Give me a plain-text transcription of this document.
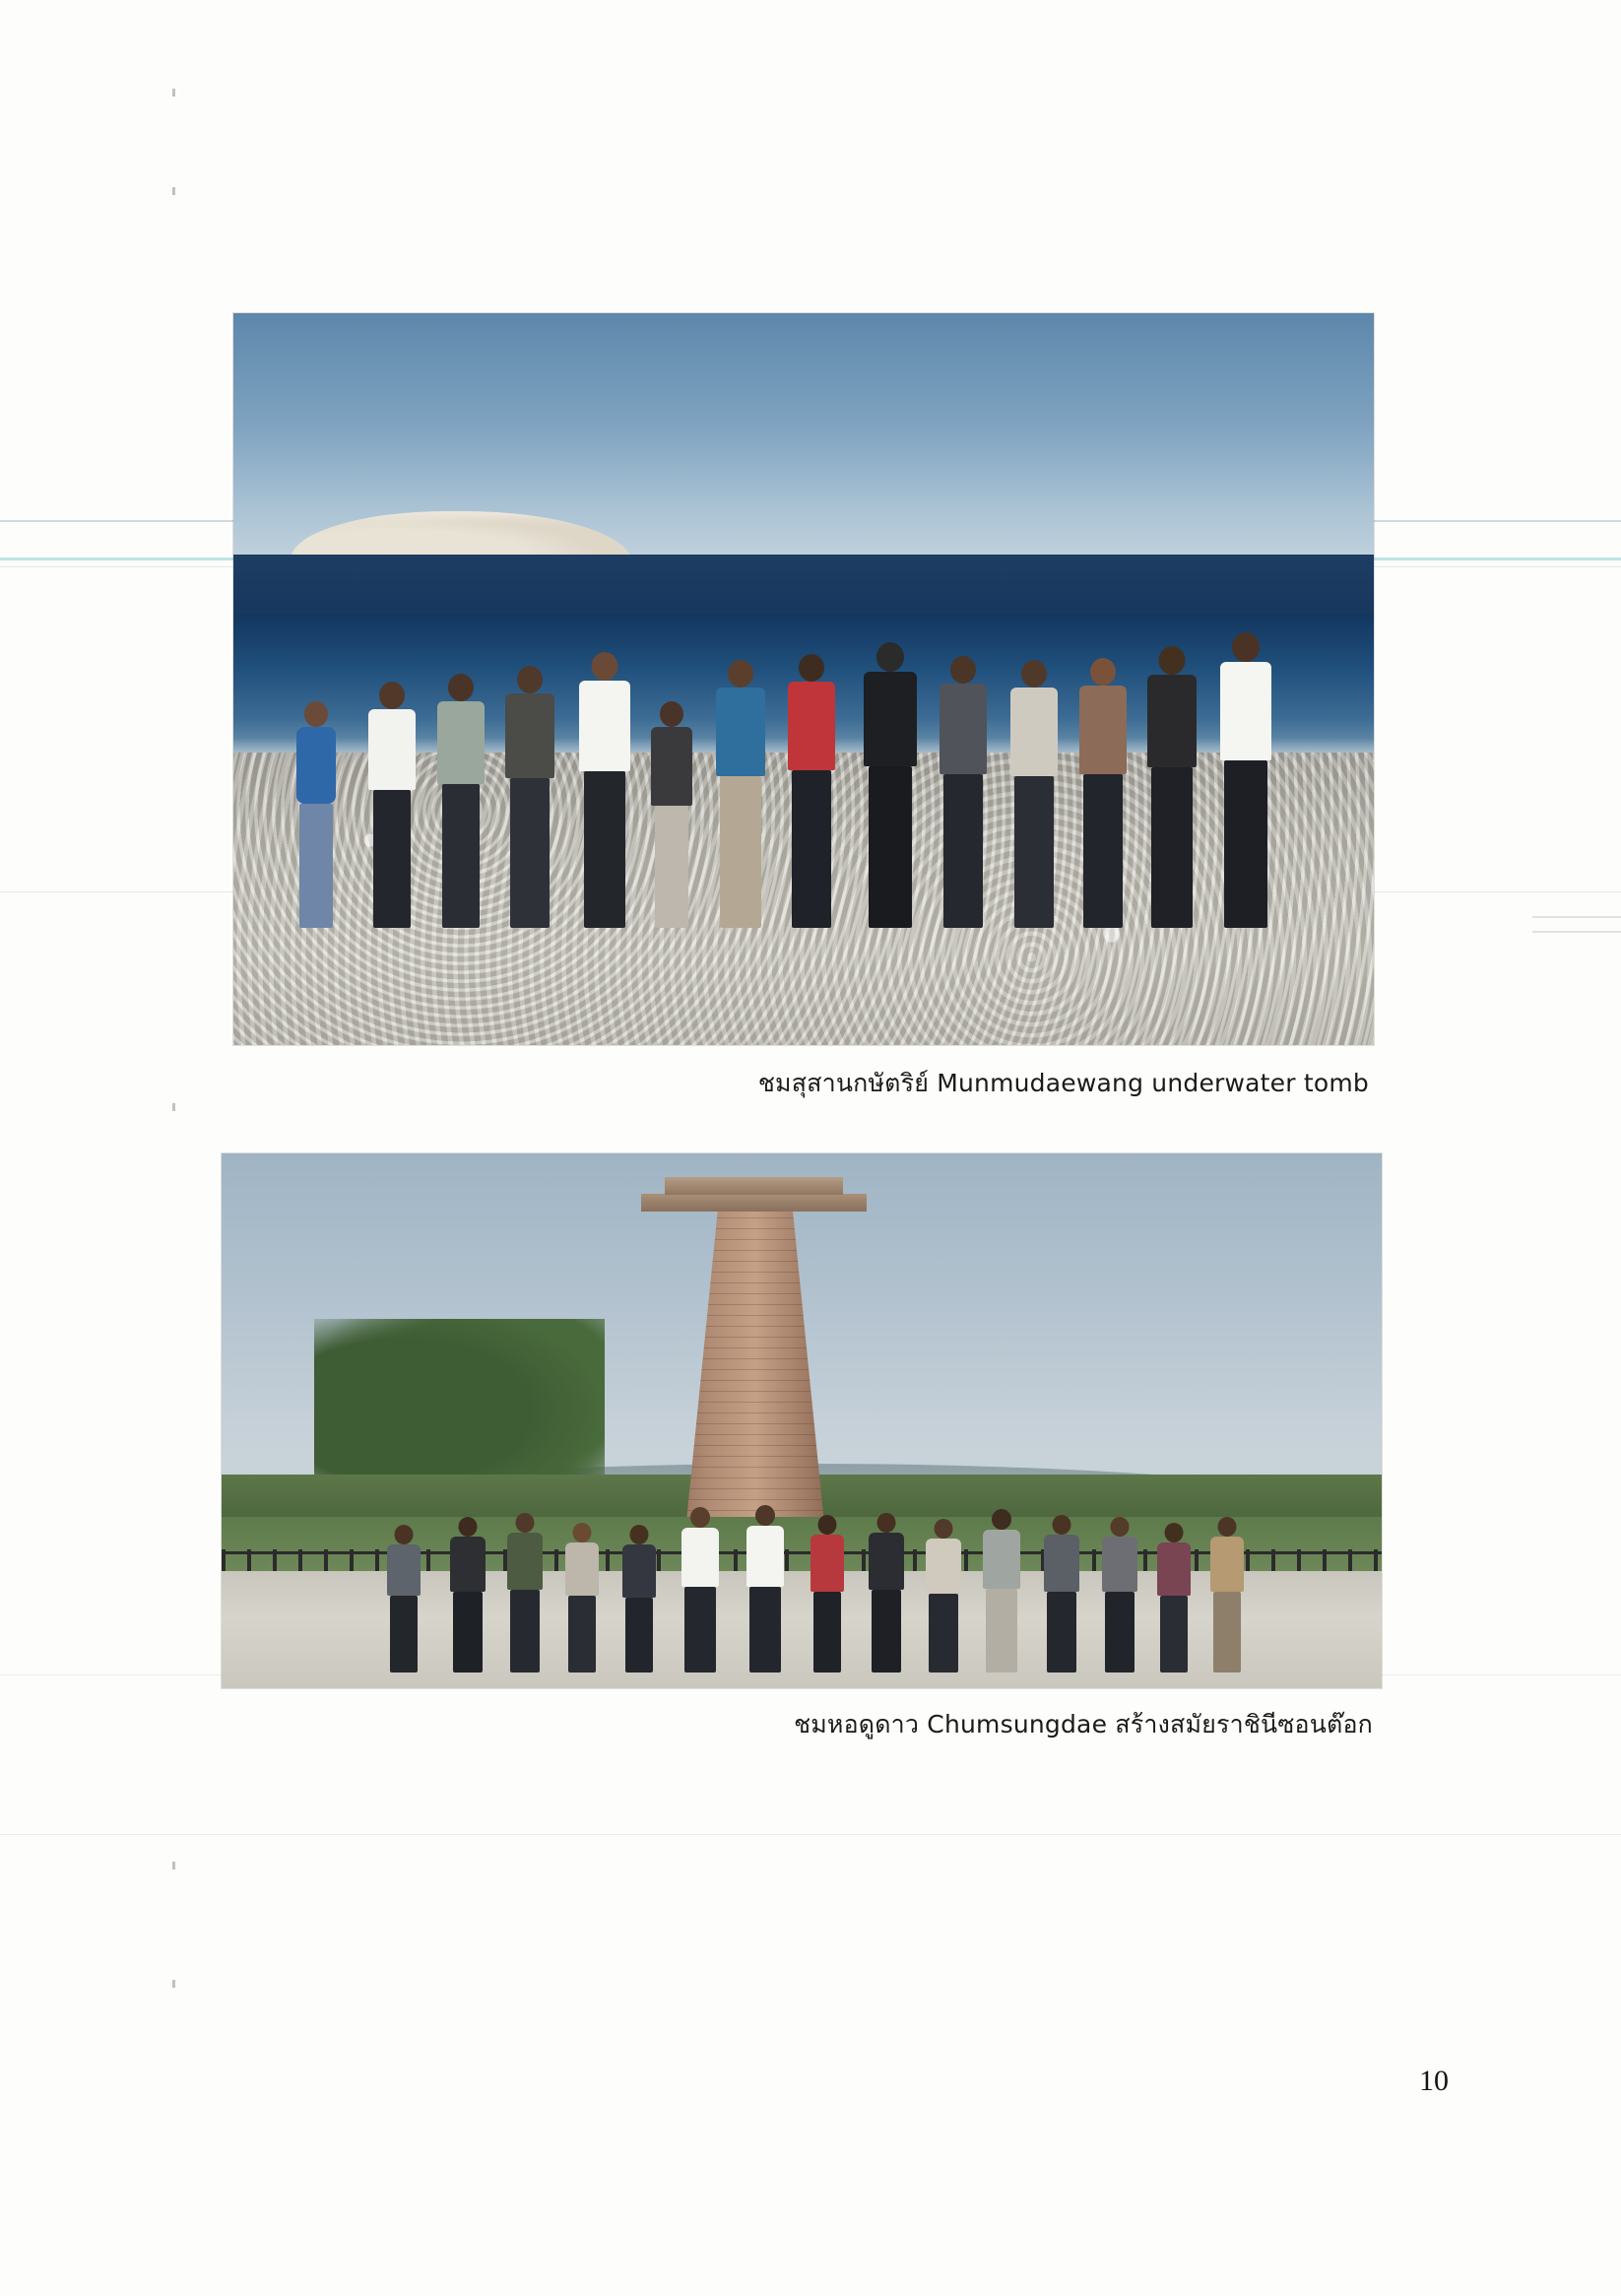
ชมสุสานกษัตริย์ Munmudaewang underwater tomb
ชมหอดูดาว Chumsungdae สร้างสมัยราชินีซอนต๊อก
10
